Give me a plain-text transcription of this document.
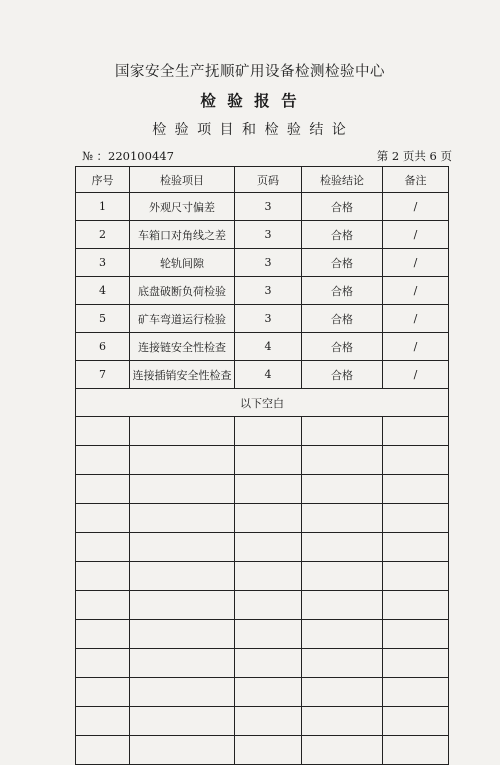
国家安全生产抚顺矿用设备检测检验中心
检 验 报 告
检 验 项 目 和 检 验 结 论
№ ：220100447	第 2 页共 6 页
序号	检验项目	页码	检验结论	备注
1	外观尺寸偏差	3	合格	/
2	车箱口对角线之差	3	合格	/
3	轮轨间隙	3	合格	/
4	底盘破断负荷检验	3	合格	/
5	矿车弯道运行检验	3	合格	/
6	连接链安全性检查	4	合格	/
7	连接插销安全性检查	4	合格	/
以下空白				
